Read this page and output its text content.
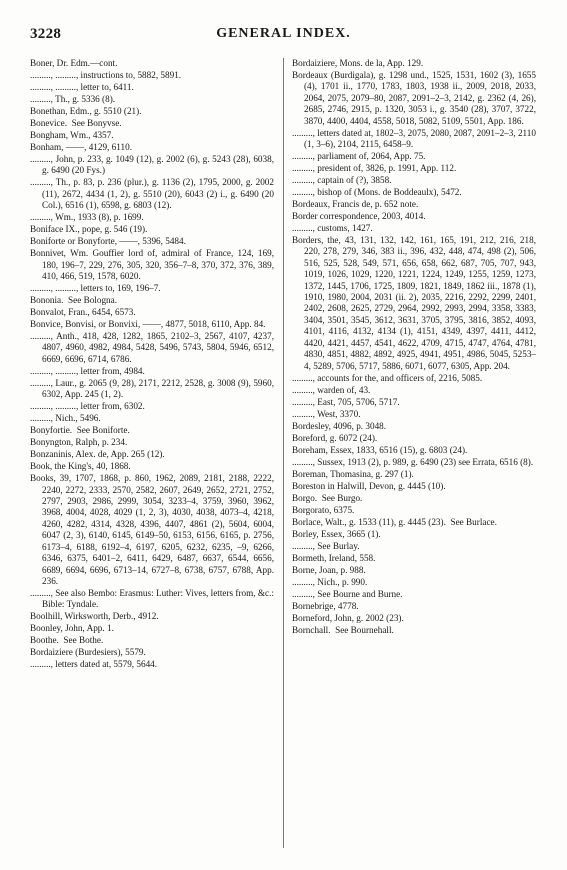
3228	GENERAL INDEX.
Boner, Dr. Edm.—cont.
........., ........., instructions to, 5882, 5891.
........., ........., letter to, 6411.
........., Th., g. 5336 (8).
Bonethan, Edm., g. 5510 (21).
Bonevice.  See Bonyvse.
Bongham, Wm., 4357.
Bonham, ——, 4129, 6110.
........., John, p. 233, g. 1049 (12), g. 2002 (6), g. 5243 (28), 6038, g. 6490 (20 Fys.)
........., Th., p. 83, p. 236 (plur.), g. 1136 (2), 1795, 2000, g. 2002 (11), 2672, 4434 (1, 2), g. 5510 (20), 6043 (2) i., g. 6490 (20 Col.), 6516 (1), 6598, g. 6803 (12).
........., Wm., 1933 (8), p. 1699.
Boniface IX., pope, g. 546 (19).
Boniforte or Bonyforte, ——, 5396, 5484.
Bonnivet, Wm. Gouffier lord of, admiral of France, 124, 169, 180, 196–7, 229, 276, 305, 320, 356–7–8, 370, 372, 376, 389, 410, 466, 519, 1578, 6020.
........., ........., letters to, 169, 196–7.
Bononia.  See Bologna.
Bonvalot, Fran., 6454, 6573.
Bonvice, Bonvisi, or Bonvixi, ——, 4877, 5018, 6110, App. 84.
........., Anth., 418, 428, 1282, 1865, 2102–3, 2567, 4107, 4237, 4807, 4960, 4982, 4984, 5428, 5496, 5743, 5804, 5946, 6512, 6669, 6696, 6714, 6786.
........., ........., letter from, 4984.
........., Laur., g. 2065 (9, 28), 2171, 2212, 2528, g. 3008 (9), 5960, 6302, App. 245 (1, 2).
........., ........., letter from, 6302.
........., Nich., 5496.
Bonyfortie.  See Boniforte.
Bonyngton, Ralph, p. 234.
Bonzaninis, Alex. de, App. 265 (12).
Book, the King's, 40, 1868.
Books, 39, 1707, 1868, p. 860, 1962, 2089, 2181, 2188, 2222, 2240, 2272, 2333, 2570, 2582, 2607, 2649, 2652, 2721, 2752, 2797, 2903, 2986, 2999, 3054, 3233–4, 3759, 3960, 3962, 3968, 4004, 4028, 4029 (1, 2, 3), 4030, 4038, 4073–4, 4218, 4260, 4282, 4314, 4328, 4396, 4407, 4861 (2), 5604, 6004, 6047 (2, 3), 6140, 6145, 6149–50, 6153, 6156, 6165, p. 2756, 6173–4, 6188, 6192–4, 6197, 6205, 6232, 6235, –9, 6266, 6346, 6375, 6401–2, 6411, 6429, 6487, 6637, 6544, 6656, 6689, 6694, 6696, 6713–14, 6727–8, 6738, 6757, 6788, App. 236.
........., See also Bembo: Erasmus: Luther: Vives, letters from, &c.: Bible: Tyndale.
Boolhill, Wirksworth, Derb., 4912.
Boonley, John, App. 1.
Boothe.  See Bothe.
Bordaiziere (Burdesiers), 5579.
........., letters dated at, 5579, 5644.
Bordaiziere, Mons. de la, App. 129.
Bordeaux (Burdigala), g. 1298 und., 1525, 1531, 1602 (3), 1655 (4), 1701 ii., 1770, 1783, 1803, 1938 ii., 2009, 2018, 2033, 2064, 2075, 2079–80, 2087, 2091–2–3, 2142, g. 2362 (4, 26), 2685, 2746, 2915, p. 1320, 3053 i., g. 3540 (28), 3707, 3722, 3870, 4400, 4404, 4558, 5018, 5082, 5109, 5501, App. 186.
........., letters dated at, 1802–3, 2075, 2080, 2087, 2091–2–3, 2110 (1, 3–6), 2104, 2115, 6458–9.
........., parliament of, 2064, App. 75.
........., president of, 3826, p. 1991, App. 112.
........., captain of (?), 3858.
........., bishop of (Mons. de Boddeaulx), 5472.
Bordeaux, Francis de, p. 652 note.
Border correspondence, 2003, 4014.
........., customs, 1427.
Borders, the, 43, 131, 132, 142, 161, 165, 191, 212, 216, 218, 220, 278, 279, 346, 383 ii., 396, 432, 448, 474, 498 (2), 506, 516, 525, 528, 549, 571, 656, 658, 662, 687, 705, 707, 943, 1019, 1026, 1029, 1220, 1221, 1224, 1249, 1255, 1259, 1273, 1372, 1445, 1706, 1725, 1809, 1821, 1849, 1862 iii., 1878 (1), 1910, 1980, 2004, 2031 (ii. 2), 2035, 2216, 2292, 2299, 2401, 2402, 2608, 2625, 2729, 2964, 2992, 2993, 2994, 3358, 3383, 3404, 3501, 3545, 3612, 3631, 3705, 3795, 3816, 3852, 4093, 4101, 4116, 4132, 4134 (1), 4151, 4349, 4397, 4411, 4412, 4420, 4421, 4457, 4541, 4622, 4709, 4715, 4747, 4764, 4781, 4830, 4851, 4882, 4892, 4925, 4941, 4951, 4986, 5045, 5253–4, 5289, 5706, 5717, 5886, 6071, 6077, 6305, App. 204.
........., accounts for the, and officers of, 2216, 5085.
........., warden of, 43.
........., East, 705, 5706, 5717.
........., West, 3370.
Bordesley, 4096, p. 3048.
Boreford, g. 6072 (24).
Boreham, Essex, 1833, 6516 (15), g. 6803 (24).
........., Sussex, 1913 (2), p. 989, g. 6490 (23) see Errata, 6516 (8).
Boreman, Thomasina, g. 297 (1).
Boreston in Halwill, Devon, g. 4445 (10).
Borgo.  See Burgo.
Borgorato, 6375.
Borlace, Walt., g. 1533 (11), g. 4445 (23).  See Burlace.
Borley, Essex, 3665 (1).
........., See Burlay.
Bormeth, Ireland, 558.
Borne, Joan, p. 988.
........., Nich., p. 990.
........., See Bourne and Burne.
Bornebrige, 4778.
Borneford, John, g. 2002 (23).
Bornchall.  See Bournehall.
